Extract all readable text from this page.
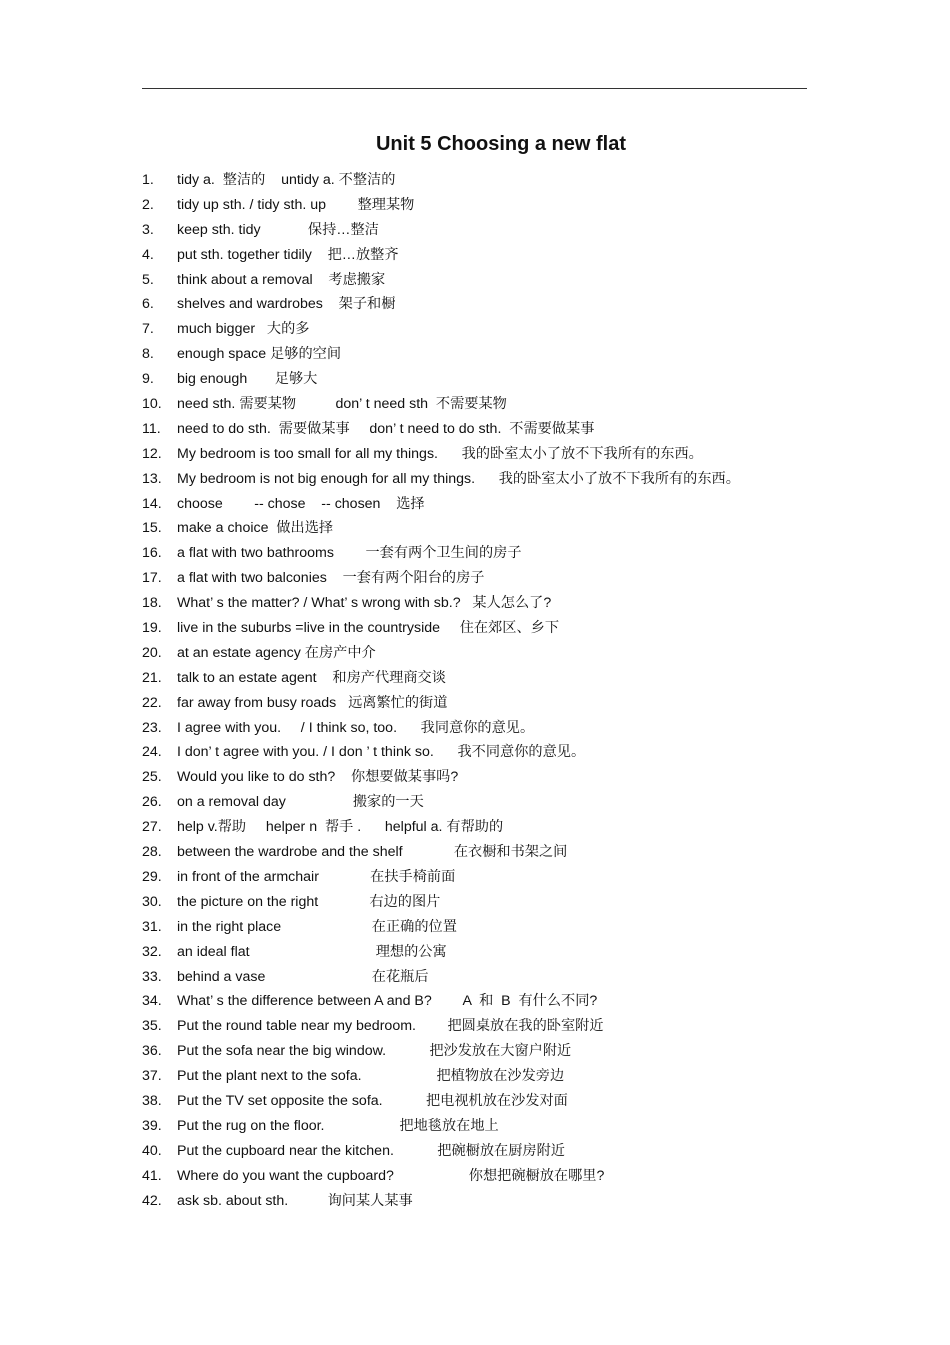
Unit 5 Choosing a new flat
1. tidy a.  整洁的    untidy a. 不整洁的
2. tidy up sth. / tidy sth. up        整理某物
3. keep sth. tidy            保持…整洁
4. put sth. together tidily    把…放整齐
5. think about a removal    考虑搬家
6. shelves and wardrobes    架子和橱
7. much bigger   大的多
8. enough space 足够的空间
9. big enough       足够大
10. need sth. 需要某物          don’ t need sth  不需要某物
11. need to do sth.  需要做某事     don’ t need to do sth.  不需要做某事
12. My bedroom is too small for all my things.      我的卧室太小了放不下我所有的东西。
13. My bedroom is not big enough for all my things.      我的卧室太小了放不下我所有的东西。
14. choose        -- chose    -- chosen    选择
15. make a choice  做出选择
16. a flat with two bathrooms        一套有两个卫生间的房子
17. a flat with two balconies    一套有两个阳台的房子
18. What’ s the matter? / What’ s wrong with sb.?   某人怎么了?
19. live in the suburbs =live in the countryside     住在郊区、乡下
20. at an estate agency 在房产中介
21. talk to an estate agent    和房产代理商交谈
22. far away from busy roads   远离繁忙的街道
23. I agree with you.     / I think so, too.      我同意你的意见。
24. I don’ t agree with you. / I don ’ t think so.      我不同意你的意见。
25. Would you like to do sth?    你想要做某事吗?
26. on a removal day                 搬家的一天
27. help v.帮助     helper n  帮手 .      helpful a. 有帮助的
28. between the wardrobe and the shelf             在衣橱和书架之间
29. in front of the armchair             在扶手椅前面
30. the picture on the right             右边的图片
31. in the right place                       在正确的位置
32. an ideal flat                                理想的公寓
33. behind a vase                           在花瓶后
34. What’ s the difference between A and B?        A  和  B  有什么不同?
35. Put the round table near my bedroom.        把圆桌放在我的卧室附近
36. Put the sofa near the big window.           把沙发放在大窗户附近
37. Put the plant next to the sofa.                   把植物放在沙发旁边
38. Put the TV set opposite the sofa.           把电视机放在沙发对面
39. Put the rug on the floor.                   把地毯放在地上
40. Put the cupboard near the kitchen.           把碗橱放在厨房附近
41. Where do you want the cupboard?                   你想把碗橱放在哪里?
42. ask sb. about sth.          询问某人某事
